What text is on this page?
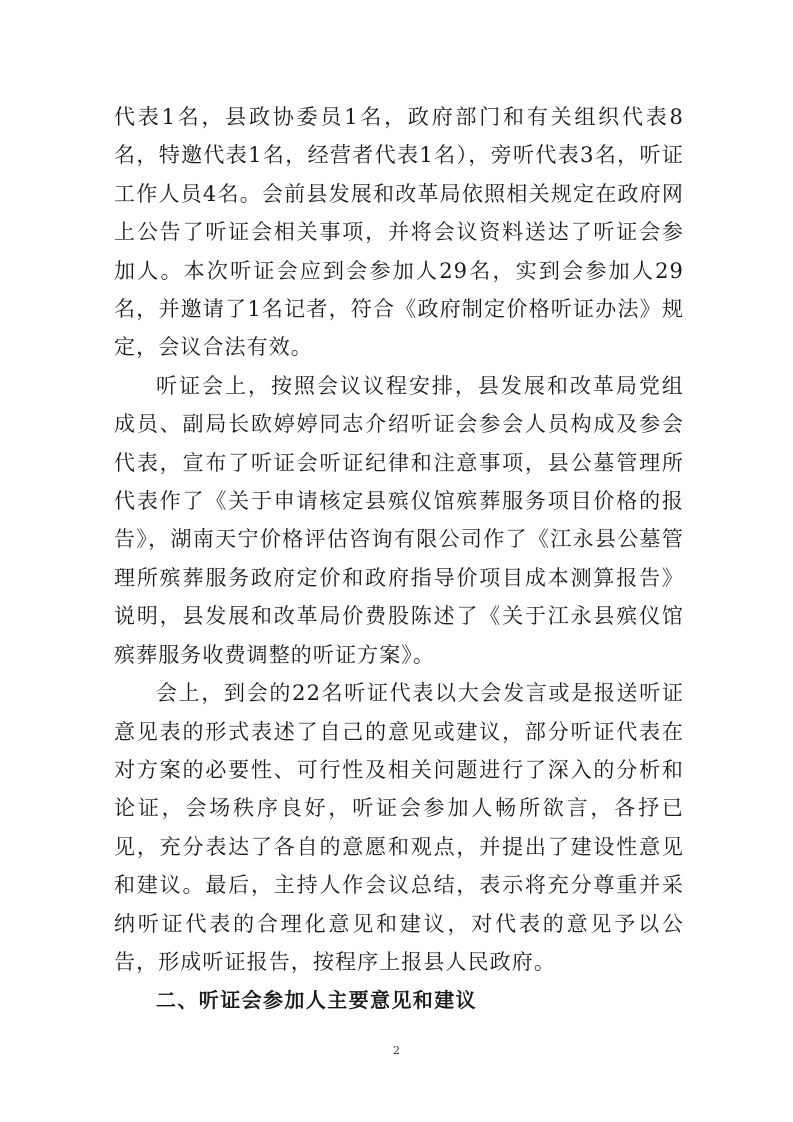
代表1名，县政协委员1名，政府部门和有关组织代表8名，特邀代表1名，经营者代表1名），旁听代表3名，听证工作人员4名。会前县发展和改革局依照相关规定在政府网上公告了听证会相关事项，并将会议资料送达了听证会参加人。本次听证会应到会参加人29名，实到会参加人29名，并邀请了1名记者，符合《政府制定价格听证办法》规定，会议合法有效。

听证会上，按照会议议程安排，县发展和改革局党组成员、副局长欧婷婷同志介绍听证会参会人员构成及参会代表，宣布了听证会听证纪律和注意事项，县公墓管理所代表作了《关于申请核定县殡仪馆殡葬服务项目价格的报告》，湖南天宁价格评估咨询有限公司作了《江永县公墓管理所殡葬服务政府定价和政府指导价项目成本测算报告》说明，县发展和改革局价费股陈述了《关于江永县殡仪馆殡葬服务收费调整的听证方案》。

会上，到会的22名听证代表以大会发言或是报送听证意见表的形式表述了自己的意见或建议，部分听证代表在对方案的必要性、可行性及相关问题进行了深入的分析和论证，会场秩序良好，听证会参加人畅所欲言，各抒已见，充分表达了各自的意愿和观点，并提出了建设性意见和建议。最后，主持人作会议总结，表示将充分尊重并采纳听证代表的合理化意见和建议，对代表的意见予以公告，形成听证报告，按程序上报县人民政府。

二、听证会参加人主要意见和建议

2
